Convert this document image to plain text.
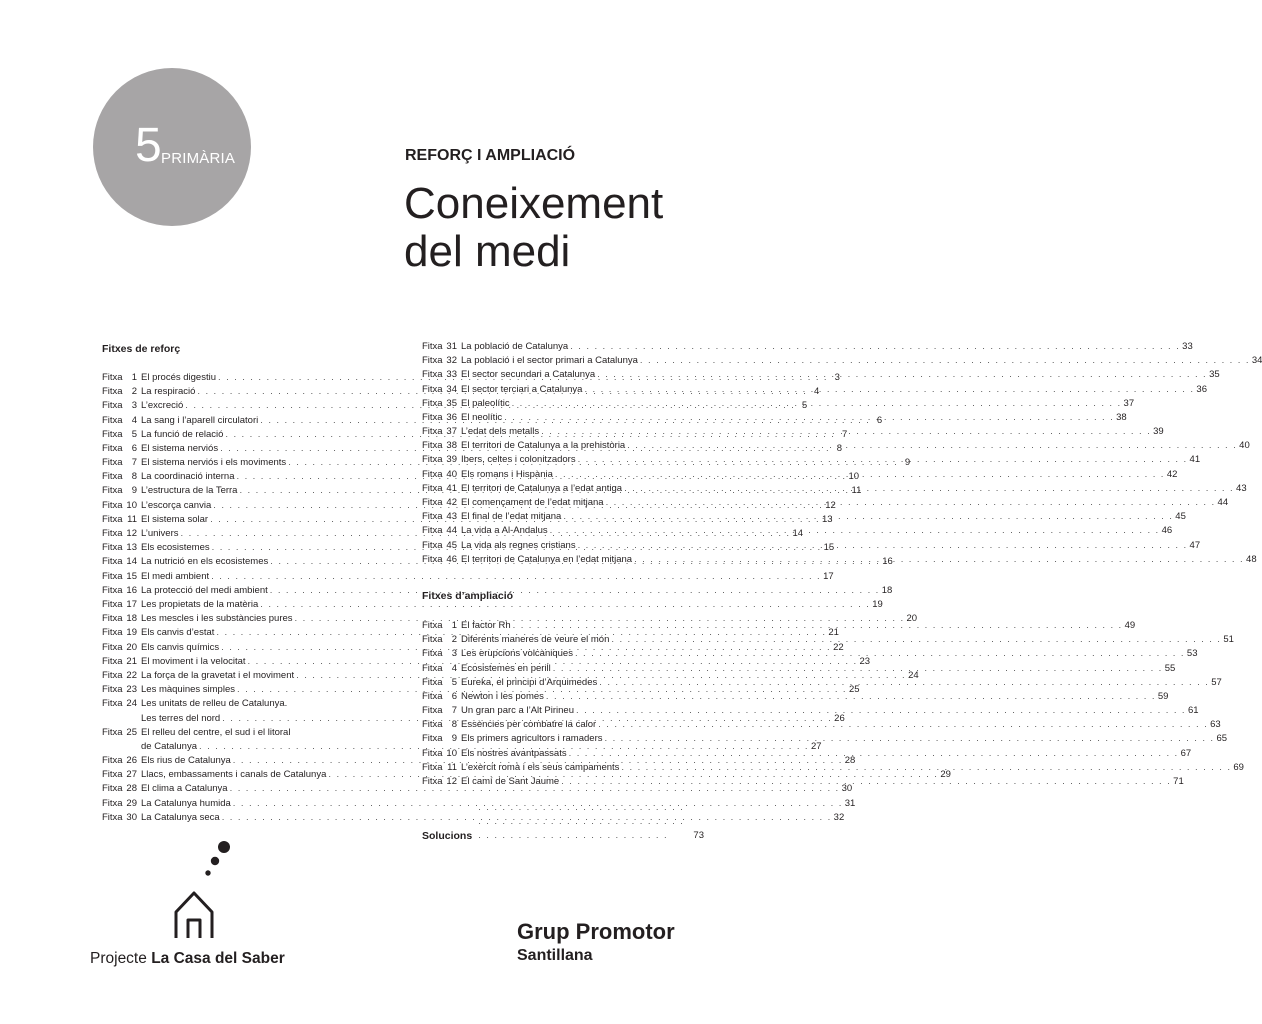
5 PRIMÀRIA	REFORÇ I AMPLIACIÓ
Coneixement
del medi
Fitxes de reforç
Fitxa 1 El procés digestiu . . .	3
Fitxa 2 La respiració . . .	4
Fitxa 3 L’excreció . . .	5
Fitxa 4 La sang i l’aparell circulatori . . .	6
Fitxa 5 La funció de relació . . .	7
Fitxa 6 El sistema nerviós . . .	8
Fitxa 7 El sistema nerviós i els moviments . . .	9
Fitxa 8 La coordinació interna . . .	10
Fitxa 9 L’estructura de la Terra . . .	11
Fitxa 10 L’escorça canvia . . .	12
Fitxa 11 El sistema solar . . .	13
Fitxa 12 L’univers . . .	14
Fitxa 13 Els ecosistemes . . .	15
Fitxa 14 La nutrició en els ecosistemes . . .	16
Fitxa 15 El medi ambient . . .	17
Fitxa 16 La protecció del medi ambient . . .	18
Fitxa 17 Les propietats de la matèria . . .	19
Fitxa 18 Les mescles i les substàncies pures . . .	20
Fitxa 19 Els canvis d’estat . . .	21
Fitxa 20 Els canvis químics . . .	22
Fitxa 21 El moviment i la velocitat . . .	23
Fitxa 22 La força de la gravetat i el moviment . . .	24
Fitxa 23 Les màquines simples . . .	25
Fitxa 24 Les unitats de relleu de Catalunya.
Les terres del nord . . .	26
Fitxa 25 El relleu del centre, el sud i el litoral
de Catalunya . . .	27
Fitxa 26 Els rius de Catalunya . . .	28
Fitxa 27 Llacs, embassaments i canals de Catalunya . . .	29
Fitxa 28 El clima a Catalunya . . .	30
Fitxa 29 La Catalunya humida . . .	31
Fitxa 30 La Catalunya seca . . .	32
Fitxa 31 La població de Catalunya . . .	33
Fitxa 32 La població i el sector primari a Catalunya . . .	34
Fitxa 33 El sector secundari a Catalunya . . .	35
Fitxa 34 El sector terciari a Catalunya . . .	36
Fitxa 35 El paleolític . . .	37
Fitxa 36 El neolític . . .	38
Fitxa 37 L’edat dels metalls . . .	39
Fitxa 38 El territori de Catalunya a la prehistòria . . .	40
Fitxa 39 Ibers, celtes i colonitzadors . . .	41
Fitxa 40 Els romans i Hispània . . .	42
Fitxa 41 El territori de Catalunya a l’edat antiga . . .	43
Fitxa 42 El començament de l’edat mitjana . . .	44
Fitxa 43 El final de l’edat mitjana . . .	45
Fitxa 44 La vida a Al-Andalus . . .	46
Fitxa 45 La vida als regnes cristians . . .	47
Fitxa 46 El territori de Catalunya en l’edat mitjana . . .	48
Fitxes d’ampliació
Fitxa 1 El factor Rh . . .	49
Fitxa 2 Diferents maneres de veure el món . . .	51
Fitxa 3 Les erupcions volcàniques . . .	53
Fitxa 4 Ecosistemes en perill . . .	55
Fitxa 5 Eureka, el principi d’Arquimedes . . .	57
Fitxa 6 Newton i les pomes . . .	59
Fitxa 7 Un gran parc a l’Alt Pirineu . . .	61
Fitxa 8 Essències per combatre la calor . . .	63
Fitxa 9 Els primers agricultors i ramaders . . .	65
Fitxa 10 Els nostres avantpassats . . .	67
Fitxa 11 L’exèrcit romà i els seus campaments . . .	69
Fitxa 12 El camí de Sant Jaume . . .	71
Solucions . . .	73
Projecte La Casa del Saber
Grup Promotor
Santillana
